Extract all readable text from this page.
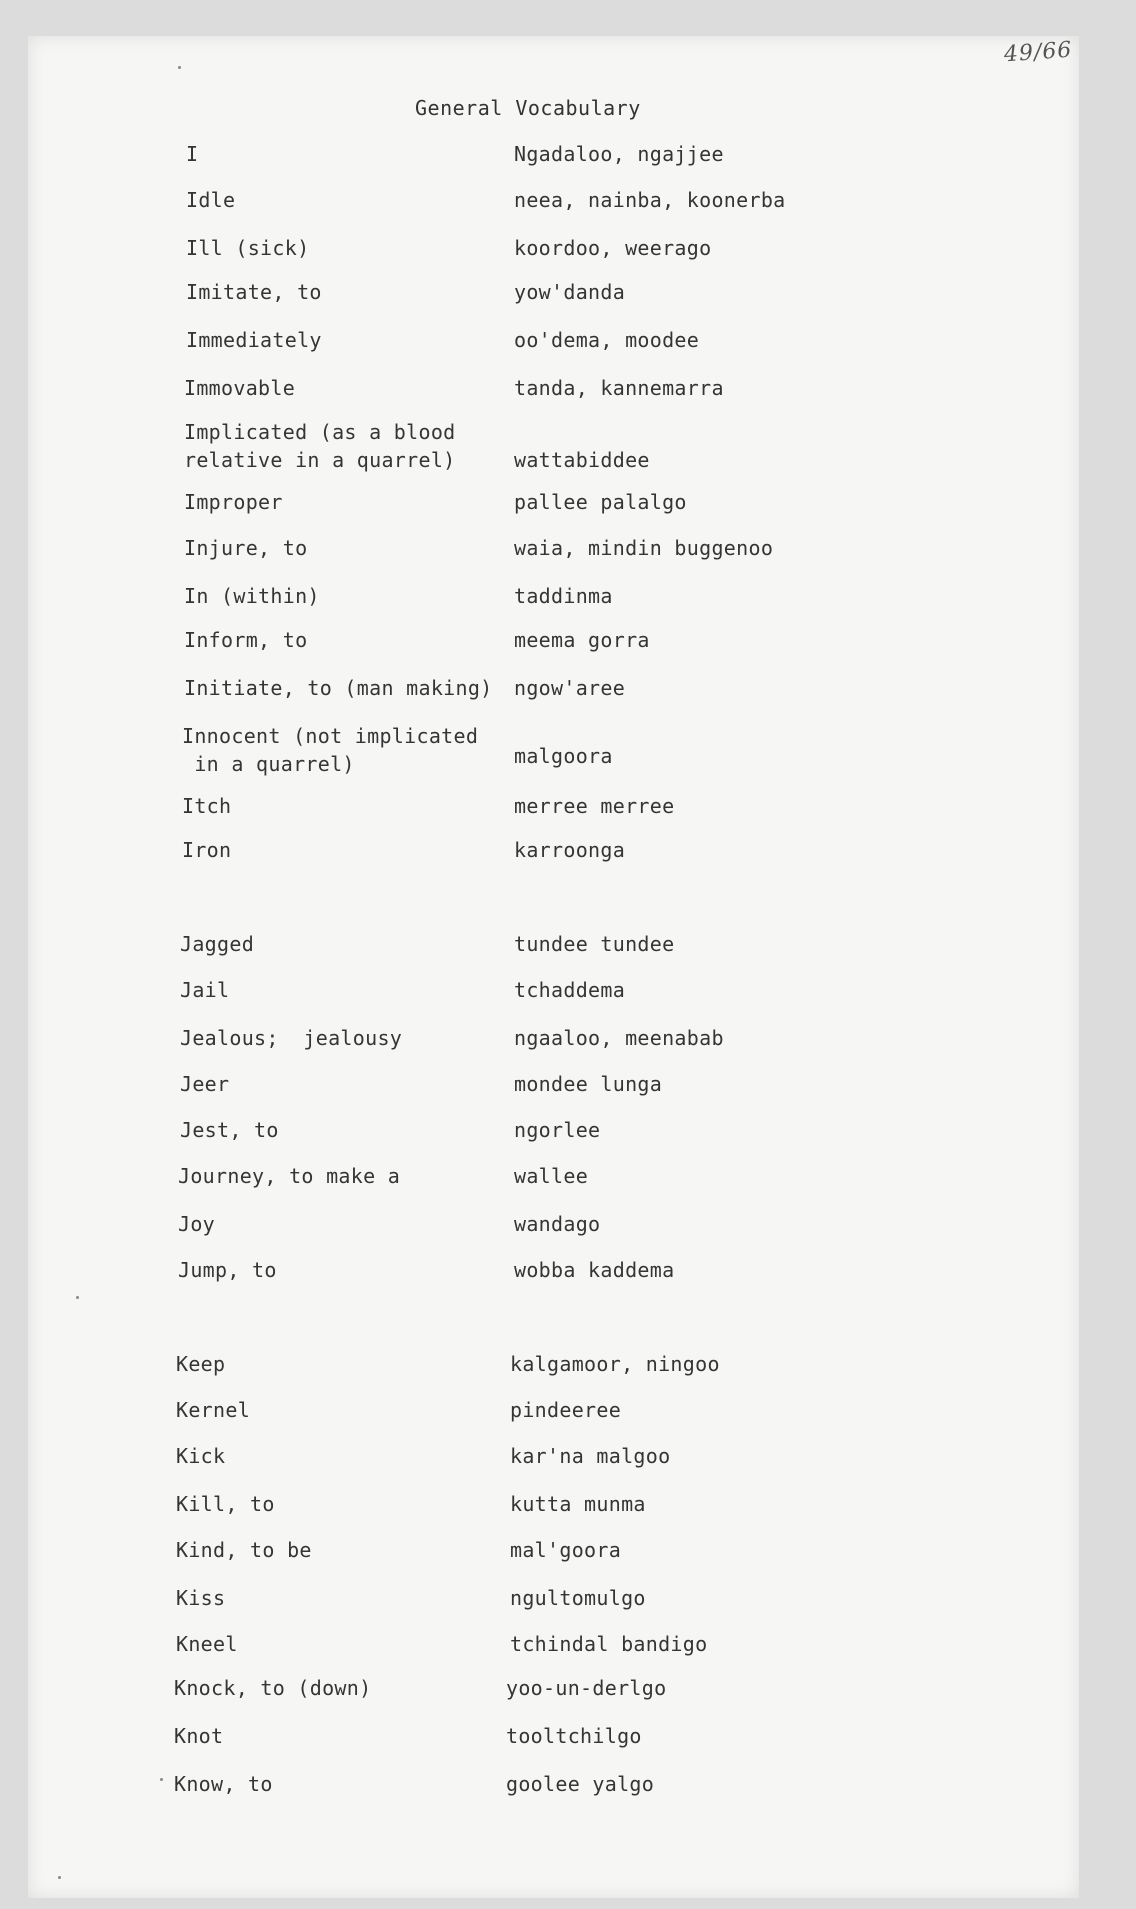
49/66
General Vocabulary
I	Ngadaloo, ngajjee
Idle	neea, nainba, koonerba
Ill (sick)	koordoo, weerago
Imitate, to	yow'danda
Immediately	oo'dema, moodee
Immovable	tanda, kannemarra
Implicated (as a blood
relative in a quarrel)	wattabiddee
Improper	pallee palalgo
Injure, to	waia, mindin buggenoo
In (within)	taddinma
Inform, to	meema gorra
Initiate, to (man making) ngow'aree
Innocent (not implicated
in a quarrel)	malgoora
Itch	merree merree
Iron	karroonga
Jagged	tundee tundee
Jail	tchaddema
Jealous;  jealousy	ngaaloo, meenabab
Jeer	mondee lunga
Jest, to	ngorlee
Journey, to make a	wallee
Joy	wandago
Jump, to	wobba kaddema
Keep	kalgamoor, ningoo
Kernel	pindeeree
Kick	kar'na malgoo
Kill, to	kutta munma
Kind, to be	mal'goora
Kiss	ngultomulgo
Kneel	tchindal bandigo
Knock, to (down)	yoo-un-derlgo
Knot	tooltchilgo
Know, to	goolee yalgo
